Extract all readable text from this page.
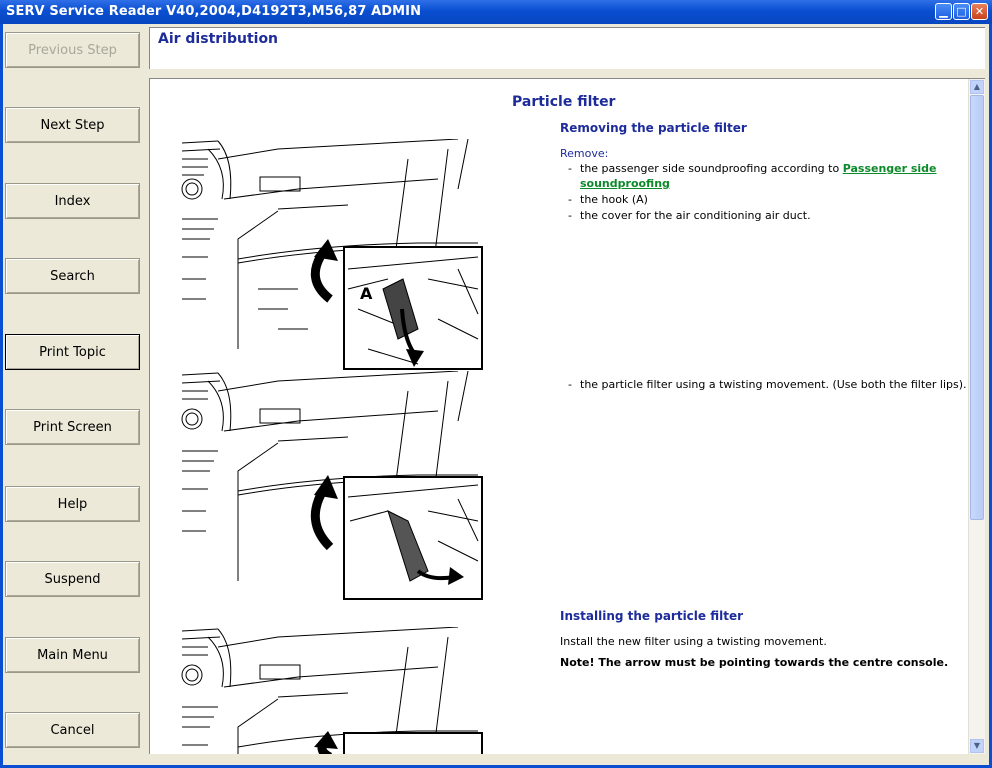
SERV Service Reader V40,2004,D4192T3,M56,87 ADMIN	▁ □ ✕
Previous Step
Next Step
Index
Search
Print Topic
Print Screen
Help
Suspend
Main Menu
Cancel
Air distribution
Particle filter
A
Removing the particle filter
Remove:
- the passenger side soundproofing according to Passenger side
soundproofing
- the hook (A)
- the cover for the air conditioning air duct.
- the particle filter using a twisting movement. (Use both the filter lips).
Installing the particle filter
Install the new filter using a twisting movement.
Note! The arrow must be pointing towards the centre console.
▲
▼
